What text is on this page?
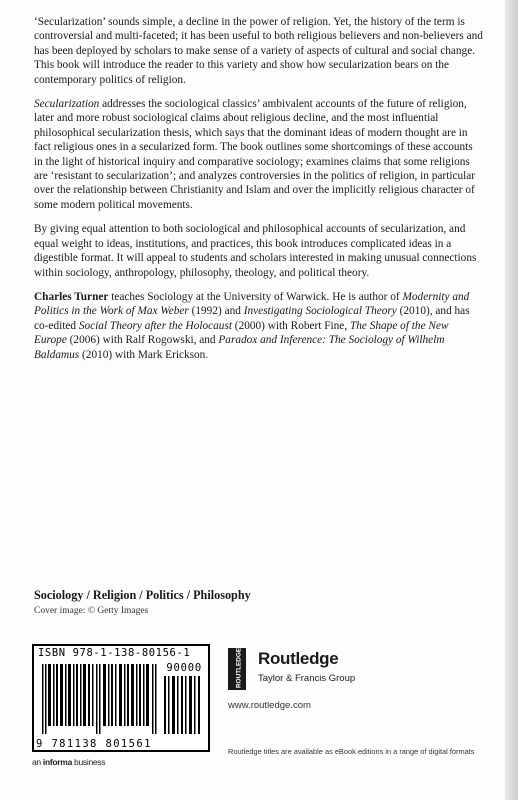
‘Secularization’ sounds simple, a decline in the power of religion. Yet, the history of the term is controversial and multi-faceted; it has been useful to both religious believers and non-believers and has been deployed by scholars to make sense of a variety of aspects of cultural and social change. This book will introduce the reader to this variety and show how secularization bears on the contemporary politics of religion.

Secularization addresses the sociological classics’ ambivalent accounts of the future of religion, later and more robust sociological claims about religious decline, and the most influential philosophical secularization thesis, which says that the dominant ideas of modern thought are in fact religious ones in a secularized form. The book outlines some shortcomings of these accounts in the light of historical inquiry and comparative sociology; examines claims that some religions are ‘resistant to secularization’; and analyzes controversies in the politics of religion, in particular over the relationship between Christianity and Islam and over the implicitly religious character of some modern political movements.

By giving equal attention to both sociological and philosophical accounts of secularization, and equal weight to ideas, institutions, and practices, this book introduces complicated ideas in a digestible format. It will appeal to students and scholars interested in making unusual connections within sociology, anthropology, philosophy, theology, and political theory.

Charles Turner teaches Sociology at the University of Warwick. He is author of Modernity and Politics in the Work of Max Weber (1992) and Investigating Sociological Theory (2010), and has co-edited Social Theory after the Holocaust (2000) with Robert Fine, The Shape of the New Europe (2006) with Ralf Rogowski, and Paradox and Inference: The Sociology of Wilhelm Baldamus (2010) with Mark Erickson.

Sociology / Religion / Politics / Philosophy
Cover image: © Getty Images
ISBN 978-1-138-80156-1
90000
9 781138 801561
an informa business
ROUTLEDGE Routledge
Taylor & Francis Group
www.routledge.com
Routledge titles are available as eBook editions in a range of digital formats
